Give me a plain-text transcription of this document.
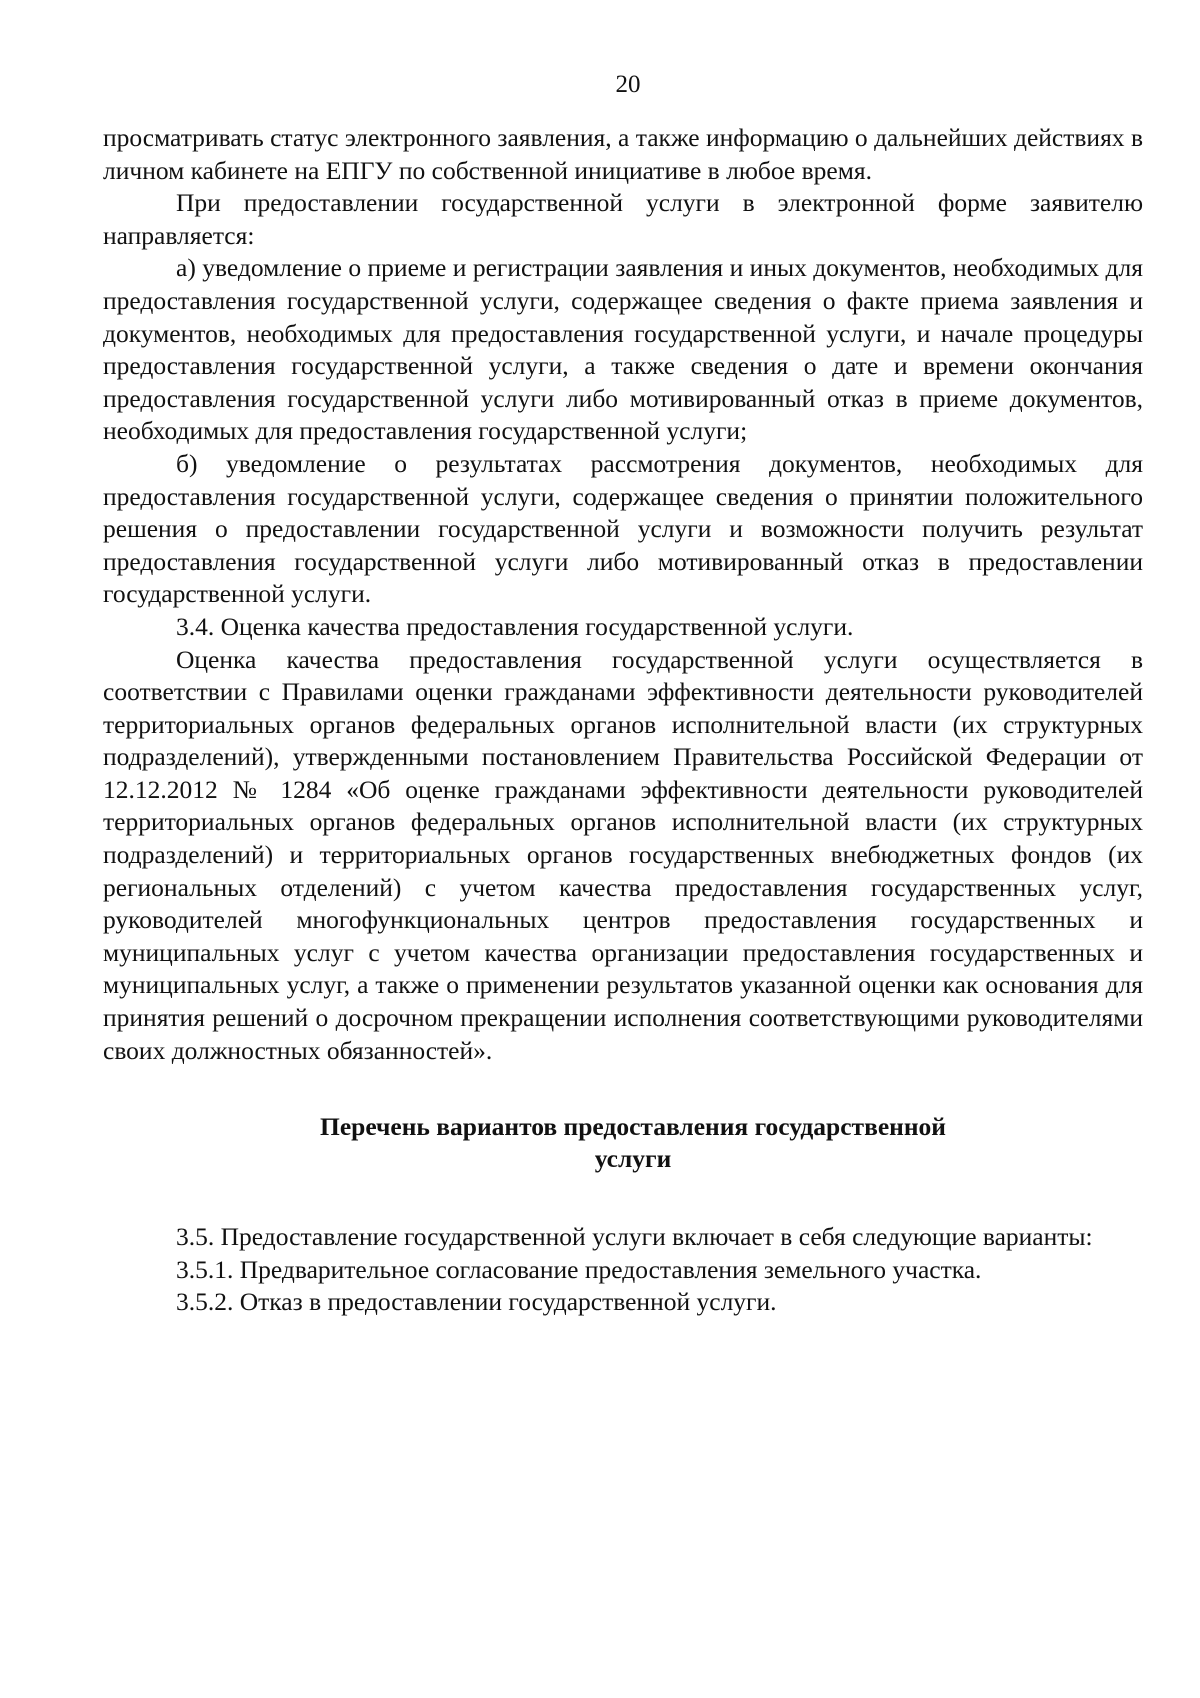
20

просматривать статус электронного заявления, а также информацию о дальнейших действиях в личном кабинете на ЕПГУ по собственной инициативе в любое время.

При предоставлении государственной услуги в электронной форме заявителю направляется:

а) уведомление о приеме и регистрации заявления и иных документов, необходимых для предоставления государственной услуги, содержащее сведения о факте приема заявления и документов, необходимых для предоставления государственной услуги, и начале процедуры предоставления государственной услуги, а также сведения о дате и времени окончания предоставления государственной услуги либо мотивированный отказ в приеме документов, необходимых для предоставления государственной услуги;

б) уведомление о результатах рассмотрения документов, необходимых для предоставления государственной услуги, содержащее сведения о принятии положительного решения о предоставлении государственной услуги и возможности получить результат предоставления государственной услуги либо мотивированный отказ в предоставлении государственной услуги.

3.4. Оценка качества предоставления государственной услуги.

Оценка качества предоставления государственной услуги осуществляется в соответствии с Правилами оценки гражданами эффективности деятельности руководителей территориальных органов федеральных органов исполнительной власти (их структурных подразделений), утвержденными постановлением Правительства Российской Федерации от 12.12.2012 № 1284 «Об оценке гражданами эффективности деятельности руководителей территориальных органов федеральных органов исполнительной власти (их структурных подразделений) и территориальных органов государственных внебюджетных фондов (их региональных отделений) с учетом качества предоставления государственных услуг, руководителей многофункциональных центров предоставления государственных и муниципальных услуг с учетом качества организации предоставления государственных и муниципальных услуг, а также о применении результатов указанной оценки как основания для принятия решений о досрочном прекращении исполнения соответствующими руководителями своих должностных обязанностей».

Перечень вариантов предоставления государственной
услуги

3.5. Предоставление государственной услуги включает в себя следующие варианты:

3.5.1. Предварительное согласование предоставления земельного участка.

3.5.2. Отказ в предоставлении государственной услуги.
